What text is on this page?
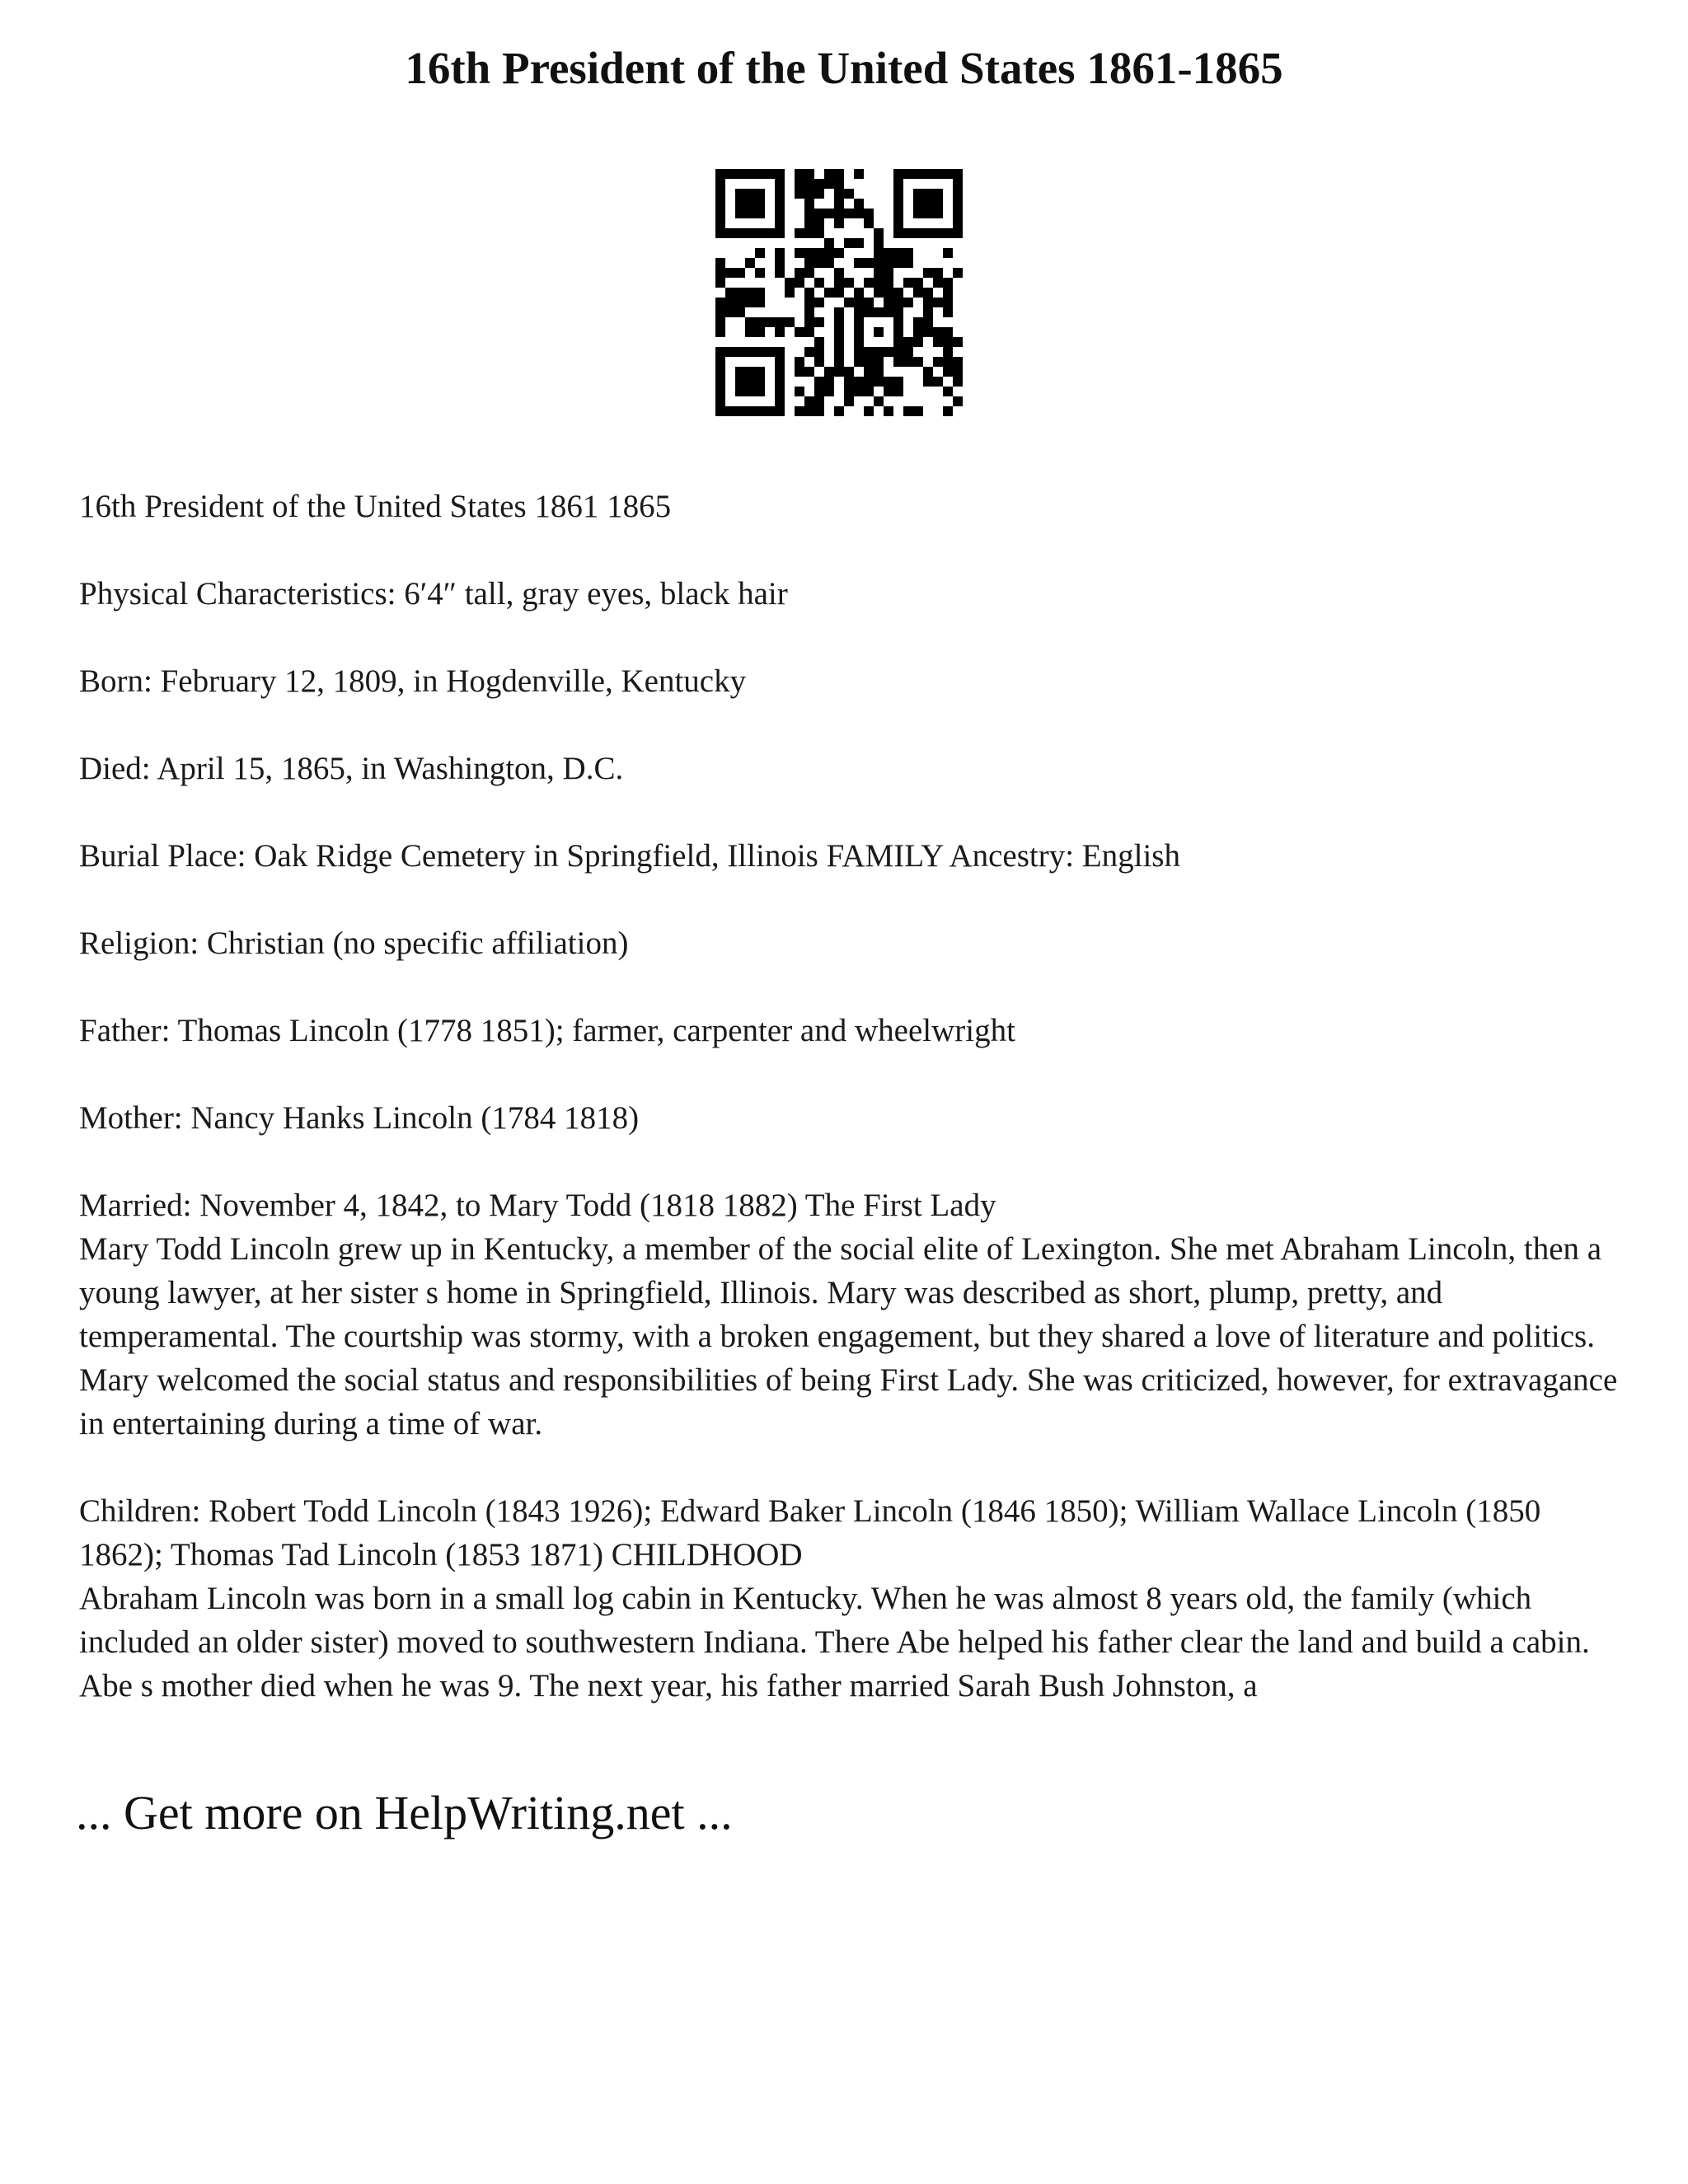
16th President of the United States 1861-1865

16th President of the United States 1861 1865

Physical Characteristics: 6′4″ tall, gray eyes, black hair

Born: February 12, 1809, in Hogdenville, Kentucky

Died: April 15, 1865, in Washington, D.C.

Burial Place: Oak Ridge Cemetery in Springfield, Illinois FAMILY Ancestry: English

Religion: Christian (no specific affiliation)

Father: Thomas Lincoln (1778 1851); farmer, carpenter and wheelwright

Mother: Nancy Hanks Lincoln (1784 1818)

Married: November 4, 1842, to Mary Todd (1818 1882) The First Lady

Mary Todd Lincoln grew up in Kentucky, a member of the social elite of Lexington. She met Abraham Lincoln, then a young lawyer, at her sister s home in Springfield, Illinois. Mary was described as short, plump, pretty, and temperamental. The courtship was stormy, with a broken engagement, but they shared a love of literature and politics. Mary welcomed the social status and responsibilities of being First Lady. She was criticized, however, for extravagance in entertaining during a time of war.

Children: Robert Todd Lincoln (1843 1926); Edward Baker Lincoln (1846 1850); William Wallace Lincoln (1850 1862); Thomas Tad Lincoln (1853 1871) CHILDHOOD

Abraham Lincoln was born in a small log cabin in Kentucky. When he was almost 8 years old, the family (which included an older sister) moved to southwestern Indiana. There Abe helped his father clear the land and build a cabin. Abe s mother died when he was 9. The next year, his father married Sarah Bush Johnston, a

... Get more on HelpWriting.net ...
